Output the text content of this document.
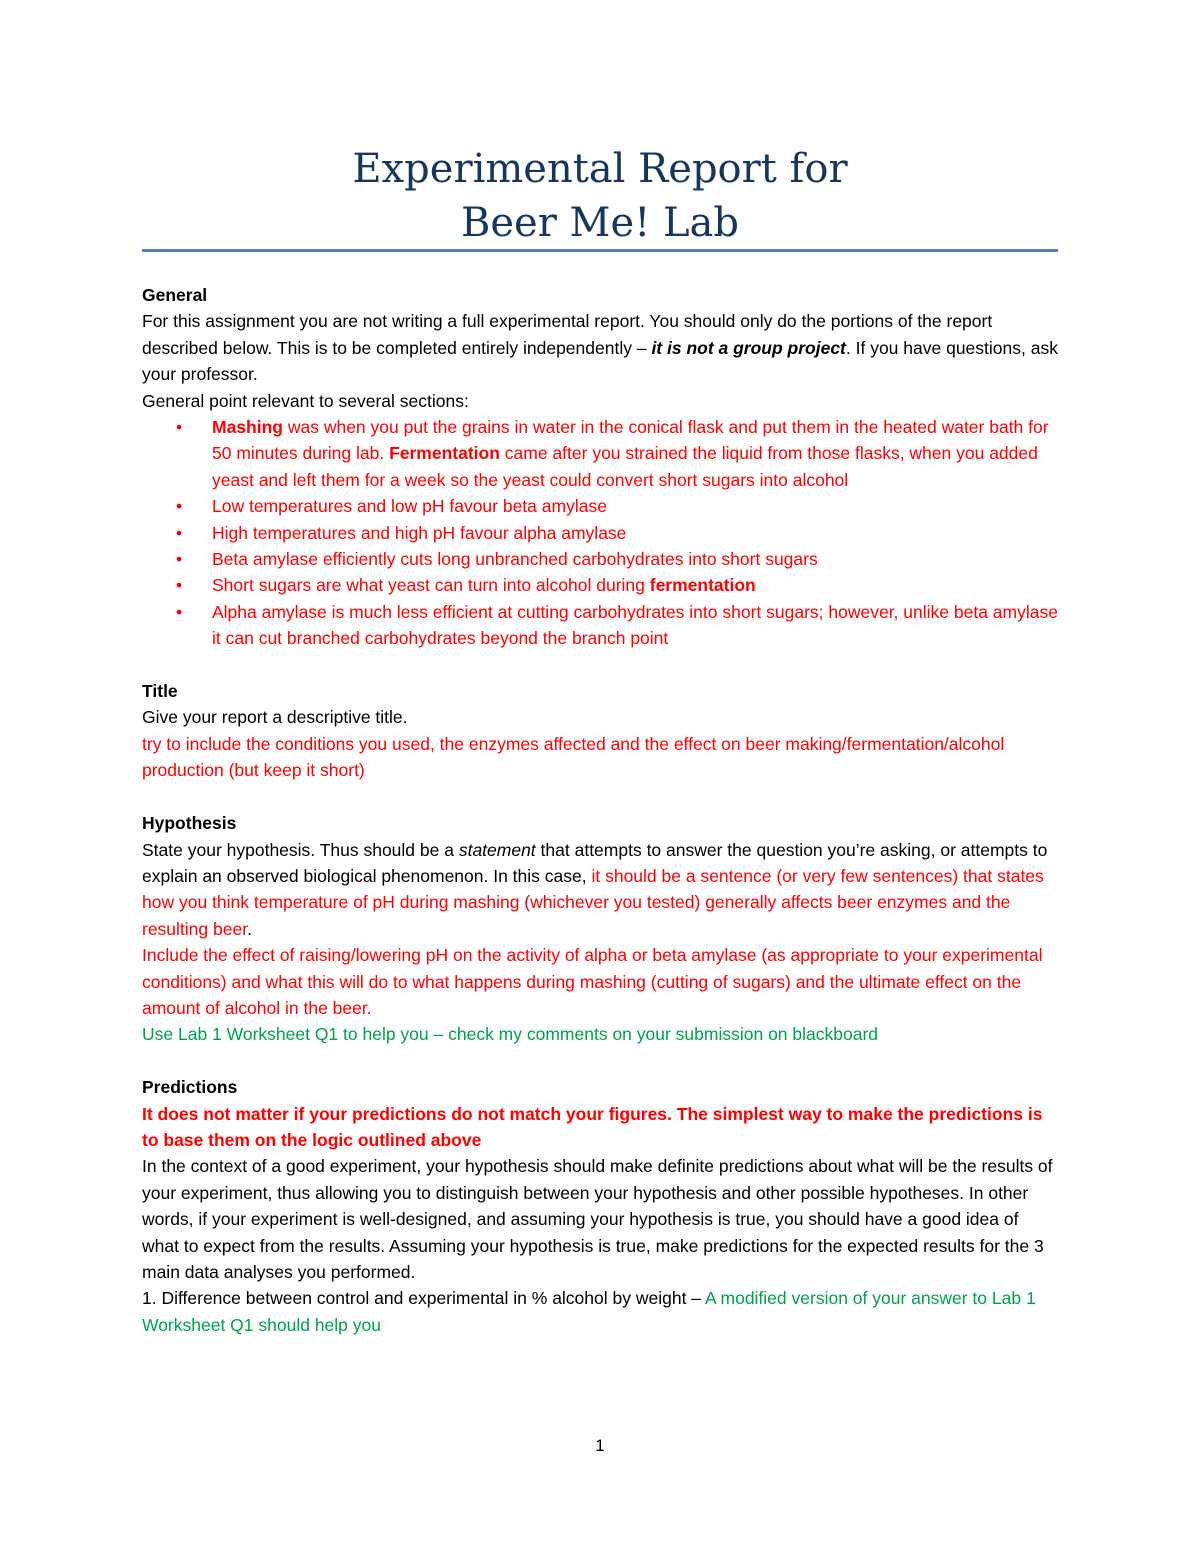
Experimental Report for
Beer Me! Lab

General

For this assignment you are not writing a full experimental report. You should only do the portions of the report described below. This is to be completed entirely independently – it is not a group project. If you have questions, ask your professor.

General point relevant to several sections:

• Mashing was when you put the grains in water in the conical flask and put them in the heated water bath for 50 minutes during lab. Fermentation came after you strained the liquid from those flasks, when you added yeast and left them for a week so the yeast could convert short sugars into alcohol
• Low temperatures and low pH favour beta amylase
• High temperatures and high pH favour alpha amylase
• Beta amylase efficiently cuts long unbranched carbohydrates into short sugars
• Short sugars are what yeast can turn into alcohol during fermentation
• Alpha amylase is much less efficient at cutting carbohydrates into short sugars; however, unlike beta amylase it can cut branched carbohydrates beyond the branch point

Title

Give your report a descriptive title.

try to include the conditions you used, the enzymes affected and the effect on beer making/fermentation/alcohol production (but keep it short)

Hypothesis

State your hypothesis. Thus should be a statement that attempts to answer the question you’re asking, or attempts to explain an observed biological phenomenon. In this case, it should be a sentence (or very few sentences) that states how you think temperature of pH during mashing (whichever you tested) generally affects beer enzymes and the resulting beer.

Include the effect of raising/lowering pH on the activity of alpha or beta amylase (as appropriate to your experimental conditions) and what this will do to what happens during mashing (cutting of sugars) and the ultimate effect on the amount of alcohol in the beer.

Use Lab 1 Worksheet Q1 to help you – check my comments on your submission on blackboard

Predictions

It does not matter if your predictions do not match your figures. The simplest way to make the predictions is to base them on the logic outlined above

In the context of a good experiment, your hypothesis should make definite predictions about what will be the results of your experiment, thus allowing you to distinguish between your hypothesis and other possible hypotheses. In other words, if your experiment is well-designed, and assuming your hypothesis is true, you should have a good idea of what to expect from the results. Assuming your hypothesis is true, make predictions for the expected results for the 3 main data analyses you performed.

1. Difference between control and experimental in % alcohol by weight – A modified version of your answer to Lab 1 Worksheet Q1 should help you

1
